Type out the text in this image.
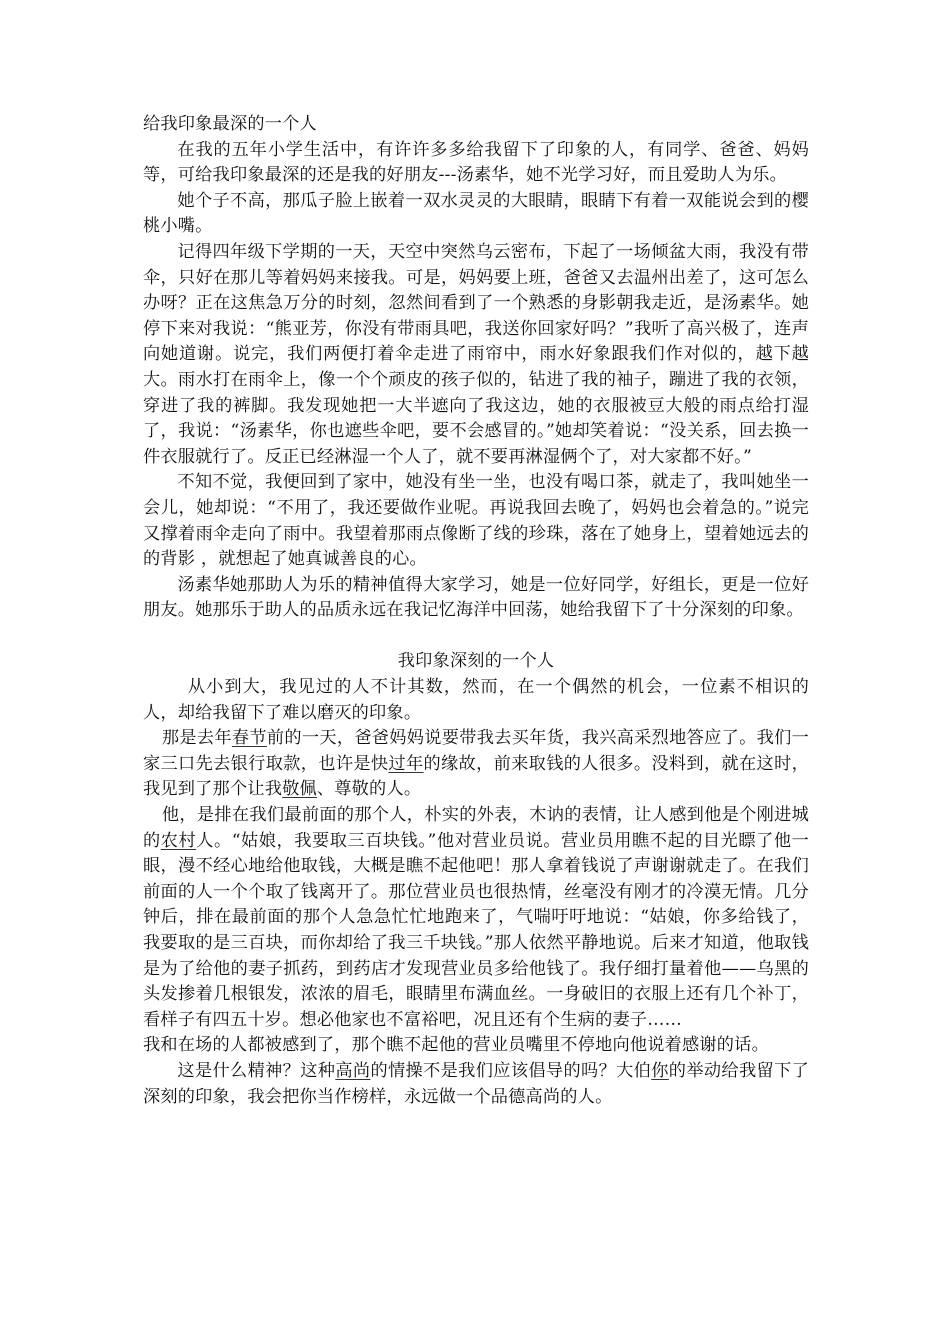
给我印象最深的一个人

在我的五年小学生活中，有许许多多给我留下了印象的人，有同学、爸爸、妈妈等，可给我印象最深的还是我的好朋友---汤素华，她不光学习好，而且爱助人为乐。

她个子不高，那瓜子脸上嵌着一双水灵灵的大眼睛，眼睛下有着一双能说会到的樱桃小嘴。

记得四年级下学期的一天，天空中突然乌云密布，下起了一场倾盆大雨，我没有带伞，只好在那儿等着妈妈来接我。可是，妈妈要上班，爸爸又去温州出差了，这可怎么办呀？正在这焦急万分的时刻，忽然间看到了一个熟悉的身影朝我走近，是汤素华。她停下来对我说：“熊亚芳，你没有带雨具吧，我送你回家好吗？”我听了高兴极了，连声向她道谢。说完，我们两便打着伞走进了雨帘中，雨水好象跟我们作对似的，越下越大。雨水打在雨伞上，像一个个顽皮的孩子似的，钻进了我的袖子，蹦进了我的衣领，穿进了我的裤脚。我发现她把一大半遮向了我这边，她的衣服被豆大般的雨点给打湿了，我说：“汤素华，你也遮些伞吧，要不会感冒的。”她却笑着说：“没关系，回去换一件衣服就行了。反正已经淋湿一个人了，就不要再淋湿俩个了，对大家都不好。”

不知不觉，我便回到了家中，她没有坐一坐，也没有喝口茶，就走了，我叫她坐一会儿，她却说：“不用了，我还要做作业呢。再说我回去晚了，妈妈也会着急的。”说完又撑着雨伞走向了雨中。我望着那雨点像断了线的珍珠，落在了她身上，望着她远去的的背影 ，就想起了她真诚善良的心。

汤素华她那助人为乐的精神值得大家学习，她是一位好同学，好组长，更是一位好朋友。她那乐于助人的品质永远在我记忆海洋中回荡，她给我留下了十分深刻的印象。

我印象深刻的一个人

从小到大，我见过的人不计其数，然而，在一个偶然的机会，一位素不相识的人，却给我留下了难以磨灭的印象。

那是去年春节前的一天，爸爸妈妈说要带我去买年货，我兴高采烈地答应了。我们一家三口先去银行取款，也许是快过年的缘故，前来取钱的人很多。没料到，就在这时，我见到了那个让我敬佩、尊敬的人。

他，是排在我们最前面的那个人，朴实的外表，木讷的表情，让人感到他是个刚进城的农村人。“姑娘，我要取三百块钱。”他对营业员说。营业员用瞧不起的目光瞟了他一眼，漫不经心地给他取钱，大概是瞧不起他吧！那人拿着钱说了声谢谢就走了。在我们前面的人一个个取了钱离开了。那位营业员也很热情，丝毫没有刚才的冷漠无情。几分钟后，排在最前面的那个人急急忙忙地跑来了，气喘吁吁地说：“姑娘，你多给钱了，我要取的是三百块，而你却给了我三千块钱。”那人依然平静地说。后来才知道，他取钱是为了给他的妻子抓药，到药店才发现营业员多给他钱了。我仔细打量着他——乌黑的头发掺着几根银发，浓浓的眉毛，眼睛里布满血丝。一身破旧的衣服上还有几个补丁，看样子有四五十岁。想必他家也不富裕吧，况且还有个生病的妻子……

我和在场的人都被感到了，那个瞧不起他的营业员嘴里不停地向他说着感谢的话。

这是什么精神？这种高尚的情操不是我们应该倡导的吗？大伯你的举动给我留下了深刻的印象，我会把你当作榜样，永远做一个品德高尚的人。
